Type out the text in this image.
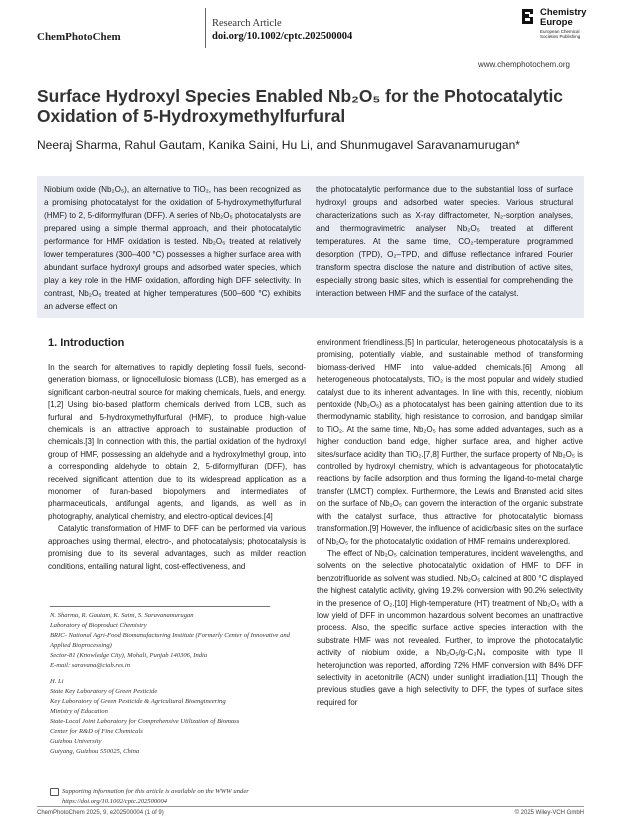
ChemPhotoChem
Research Article
doi.org/10.1002/cptc.202500004
Chemistry
Europe
European Chemical Societies Publishing
www.chemphotochem.org
Surface Hydroxyl Species Enabled Nb₂O₅ for the Photocatalytic Oxidation of 5-Hydroxymethylfurfural
Neeraj Sharma, Rahul Gautam, Kanika Saini, Hu Li, and Shunmugavel Saravanamurugan*
Niobium oxide (Nb₂O₅), an alternative to TiO₂, has been recognized as a promising photocatalyst for the oxidation of 5-hydroxymethylfurfural (HMF) to 2, 5-diformylfuran (DFF). A series of Nb₂O₅ photocatalysts are prepared using a simple thermal approach, and their photocatalytic performance for HMF oxidation is tested. Nb₂O₅ treated at relatively lower temperatures (300–400 °C) possesses a higher surface area with abundant surface hydroxyl groups and adsorbed water species, which play a key role in the HMF oxidation, affording high DFF selectivity. In contrast, Nb₂O₅ treated at higher temperatures (500–600 °C) exhibits an adverse effect on
the photocatalytic performance due to the substantial loss of surface hydroxyl groups and adsorbed water species. Various structural characterizations such as X-ray diffractometer, N₂-sorption analyses, and thermogravimetric analyser Nb₂O₅ treated at different temperatures. At the same time, CO₂-temperature programmed desorption (TPD), O₂–TPD, and diffuse reflectance infrared Fourier transform spectra disclose the nature and distribution of active sites, especially strong basic sites, which is essential for comprehending the interaction between HMF and the surface of the catalyst.
1. Introduction

In the search for alternatives to rapidly depleting fossil fuels, second-generation biomass, or lignocellulosic biomass (LCB), has emerged as a significant carbon-neutral source for making chemicals, fuels, and energy.[1,2] Using bio-based platform chemicals derived from LCB, such as furfural and 5-hydroxymethylfurfural (HMF), to produce high-value chemicals is an attractive approach to sustainable production of chemicals.[3] In connection with this, the partial oxidation of the hydroxyl group of HMF, possessing an aldehyde and a hydroxylmethyl group, into a corresponding aldehyde to obtain 2, 5-diformylfuran (DFF), has received significant attention due to its widespread application as a monomer of furan-based biopolymers and intermediates of pharmaceuticals, antifungal agents, and ligands, as well as in photography, analytical chemistry, and electro-optical devices.[4]

Catalytic transformation of HMF to DFF can be performed via various approaches using thermal, electro-, and photocatalysis; photocatalysis is promising due to its several advantages, such as milder reaction conditions, entailing natural light, cost-effectiveness, and

environment friendliness.[5] In particular, heterogeneous photocatalysis is a promising, potentially viable, and sustainable method of transforming biomass-derived HMF into value-added chemicals.[6] Among all heterogeneous photocatalysts, TiO₂ is the most popular and widely studied catalyst due to its inherent advantages. In line with this, recently, niobium pentoxide (Nb₂O₅) as a photocatalyst has been gaining attention due to its thermodynamic stability, high resistance to corrosion, and bandgap similar to TiO₂. At the same time, Nb₂O₅ has some added advantages, such as a higher conduction band edge, higher surface area, and higher active sites/surface acidity than TiO₂.[7,8] Further, the surface property of Nb₂O₅ is controlled by hydroxyl chemistry, which is advantageous for photocatalytic reactions by facile adsorption and thus forming the ligand-to-metal charge transfer (LMCT) complex. Furthermore, the Lewis and Brønsted acid sites on the surface of Nb₂O₅ can govern the interaction of the organic substrate with the catalyst surface, thus attractive for photocatalytic biomass transformation.[9] However, the influence of acidic/basic sites on the surface of Nb₂O₅ for the photocatalytic oxidation of HMF remains underexplored.

The effect of Nb₂O₅ calcination temperatures, incident wavelengths, and solvents on the selective photocatalytic oxidation of HMF to DFF in benzotrifluoride as solvent was studied. Nb₂O₅ calcined at 800 °C displayed the highest catalytic activity, giving 19.2% conversion with 90.2% selectivity in the presence of O₂.[10] High-temperature (HT) treatment of Nb₂O₅ with a low yield of DFF in uncommon hazardous solvent becomes an unattractive process. Also, the specific surface active species interaction with the substrate HMF was not revealed. Further, to improve the photocatalytic activity of niobium oxide, a Nb₂O₅/g-C₃N₄ composite with type II heterojunction was reported, affording 72% HMF conversion with 84% DFF selectivity in acetonitrile (ACN) under sunlight irradiation.[11] Though the previous studies gave a high selectivity to DFF, the types of surface sites required for

N. Sharma, R. Gautam, K. Saini, S. Saravanamurugan
Laboratory of Bioproduct Chemistry
BRIC- National Agri-Food Biomanufacturing Institute (Formerly Center of Innovative and Applied Bioprocessing)
Sector-81 (Knowledge City), Mohali, Punjab 140306, India
E-mail: saravana@ciab.res.in
H. Li
State Key Laboratory of Green Pesticide
Key Laboratory of Green Pesticide & Agricultural Bioengineering
Ministry of Education
State-Local Joint Laboratory for Comprehensive Utilization of Biomass
Center for R&D of Fine Chemicals
Guizhou University
Guiyang, Guizhou 550025, China
Supporting information for this article is available on the WWW under https://doi.org/10.1002/cptc.202500004
ChemPhotoChem 2025, 9, e202500004 (1 of 9)	© 2025 Wiley-VCH GmbH
